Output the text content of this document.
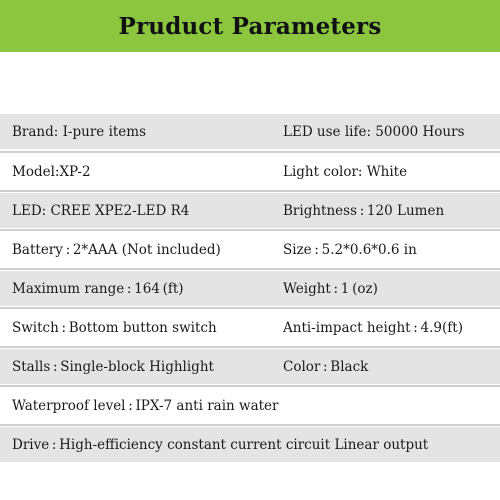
Pruduct Parameters
Brand: I-pure items	LED use life: 50000 Hours
Model:XP-2	Light color: White
LED: CREE XPE2-LED R4	Brightness : 120 Lumen
Battery : 2*AAA (Not included)	Size : 5.2*0.6*0.6 in
Maximum range : 164 (ft)	Weight : 1 (oz)
Switch : Bottom button switch	Anti-impact height : 4.9(ft)
Stalls : Single-block Highlight	Color : Black
Waterproof level : IPX-7 anti rain water
Drive : High-efficiency constant current circuit Linear output
